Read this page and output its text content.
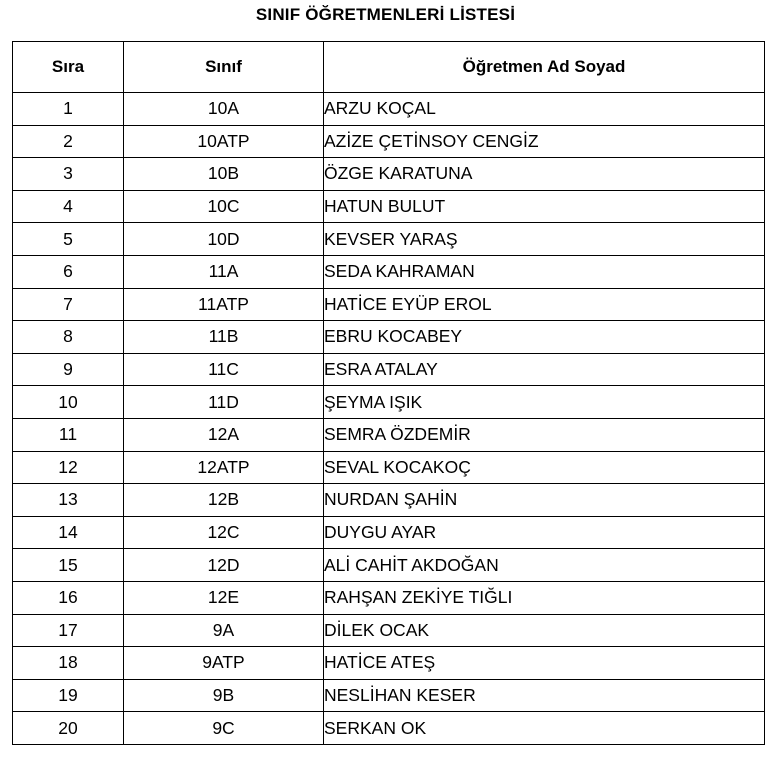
SINIF ÖĞRETMENLERİ LİSTESİ
Sıra	Sınıf	Öğretmen Ad Soyad
1	10A	ARZU KOÇAL
2	10ATP	AZİZE ÇETİNSOY CENGİZ
3	10B	ÖZGE KARATUNA
4	10C	HATUN BULUT
5	10D	KEVSER YARAŞ
6	11A	SEDA KAHRAMAN
7	11ATP	HATİCE EYÜP EROL
8	11B	EBRU KOCABEY
9	11C	ESRA ATALAY
10	11D	ŞEYMA IŞIK
11	12A	SEMRA ÖZDEMİR
12	12ATP	SEVAL KOCAKOÇ
13	12B	NURDAN ŞAHİN
14	12C	DUYGU AYAR
15	12D	ALİ CAHİT AKDOĞAN
16	12E	RAHŞAN ZEKİYE TIĞLI
17	9A	DİLEK OCAK
18	9ATP	HATİCE ATEŞ
19	9B	NESLİHAN KESER
20	9C	SERKAN OK
